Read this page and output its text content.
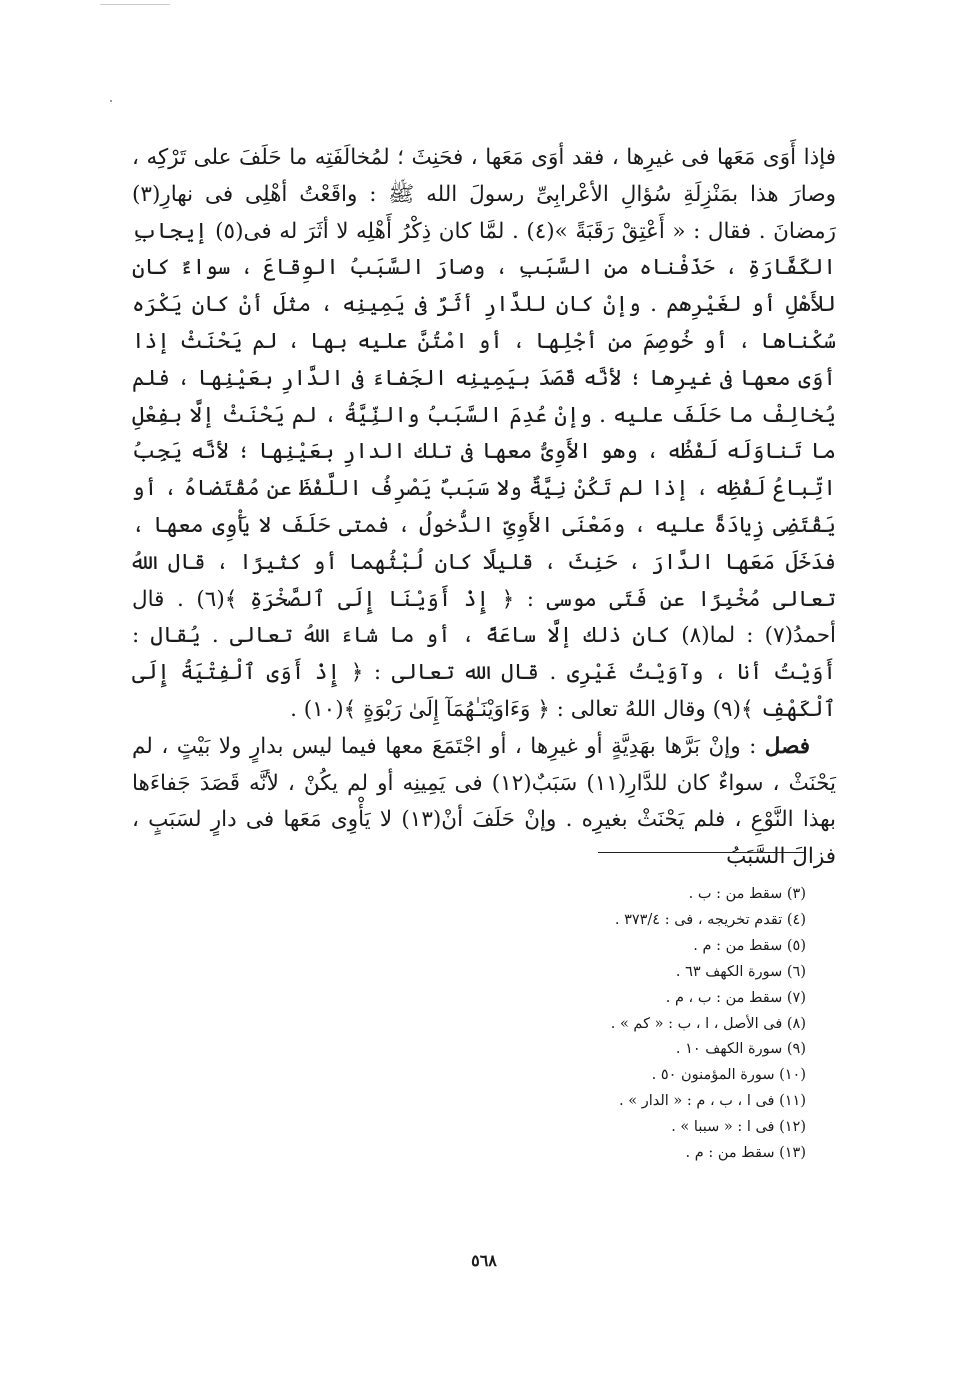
فإذا أَوَى مَعَها فى غيرِها ، فقد أوَى مَعَها ، فحَنِثَ ؛ لمُخالَفَتِه ما حَلَفَ على تَرْكِه ، وصارَ هذا بمَنْزِلَةِ سُؤالِ الأعْرابِىِّ رسولَ الله ﷺ : واقَعْتُ أهْلِى فى نهارِ(٣) رَمضانَ . فقال : « أَعْتِقْ رَقَبَةً »(٤) . لمَّا كان ذِكْرُ أَهْلِه لا أثَرَ له فى(٥) إيجابِ الكَفَّارَةِ ، حَذَفْناه من السَّبَبِ ، وصارَ السَّبَبُ الوِقاعَ ، سواءٌ كان للأَهْلِ أو لغَيْرِهم . وإنْ كان للدَّارِ أثَرٌ فى يَمِينِه ، مثلَ أنْ كان يَكْرَه سُكْناها ، أو خُوصِمَ من أجْلِها ، أو امْتُنَّ عليه بها ، لم يَحْنَثْ إذا أوَى معها فى غيرِها ؛ لأنَّه قَصَدَ بيَمِينِه الجَفاءَ فى الدَّارِ بعَيْنِها ، فلم يُخالِفْ ما حَلَفَ عليه . وإنْ عُدِمَ السَّبَبُ والنِّيَّةُ ، لم يَحْنَثْ إلَّا بفِعْلِ ما تَناوَلَه لَفْظُه ، وهو الأَوِىُّ معها فى تلك الدارِ بعَيْنِها ؛ لأنَّه يَجِبُ اتِّباعُ لَفْظِه ، إذا لم تَكُنْ نِيَّةٌ ولا سَبَبٌ يَصْرِفُ اللَّفْظَ عن مُقْتَضاهُ ، أو يَقْتَضِى زِيادَةً عليه ، ومَعْنَى الأَوِىِّ الدُّخولُ ، فمتى حَلَفَ لا يَأْوِى معها ، فدَخَلَ مَعَها الدَّارَ ، حَنِثَ ، قليلًا كان لُبْثُهما أو كثيرًا ، قال اللهُ تعالى مُخْبِرًا عن فَتَى موسى : ﴿ إِذْ أَوَيْنَا إِلَى ٱلصَّخْرَةِ ﴾(٦) . قال أحمدُ(٧) : لما(٨) كان ذلك إلَّا ساعَةً ، أو ما شاءَ اللهُ تعالى . يُقال : أَوَيْتُ أنا ، وآوَيْتُ غَيْرِى . قال الله تعالى : ﴿ إِذْ أَوَى ٱلْفِتْيَةُ إِلَى ٱلْكَهْفِ ﴾(٩) وقال اللهُ تعالى : ﴿ وَءَاوَيْنَـٰهُمَآ إِلَىٰ رَبْوَةٍ ﴾(١٠) .

فصل : وإنْ بَرَّها بهَدِيَّةٍ أو غيرِها ، أو اجْتَمَعَ معها فيما ليس بدارٍ ولا بَيْتٍ ، لم يَحْنَثْ ، سواءٌ كان للدَّارِ(١١) سَبَبٌ(١٢) فى يَمِينِه أو لم يكُنْ ، لأنَّه قَصَدَ جَفاءَها بهذا النَّوْعِ ، فلم يَحْنَثْ بغيرِه . وإنْ حَلَفَ أنْ(١٣) لا يَأْوِى مَعَها فى دارٍ لسَبَبٍ ، فزالَ السَّبَبُ

(٣) سقط من : ب .
(٤) تقدم تخريجه ، فى : ٣٧٣/٤ .
(٥) سقط من : م .
(٦) سورة الكهف ٦٣ .
(٧) سقط من : ب ، م .
(٨) فى الأصل ، ا ، ب : « كم » .
(٩) سورة الكهف ١٠ .
(١٠) سورة المؤمنون ٥٠ .
(١١) فى ا ، ب ، م : « الدار » .
(١٢) فى ا : « سببا » .
(١٣) سقط من : م .
٥٦٨
